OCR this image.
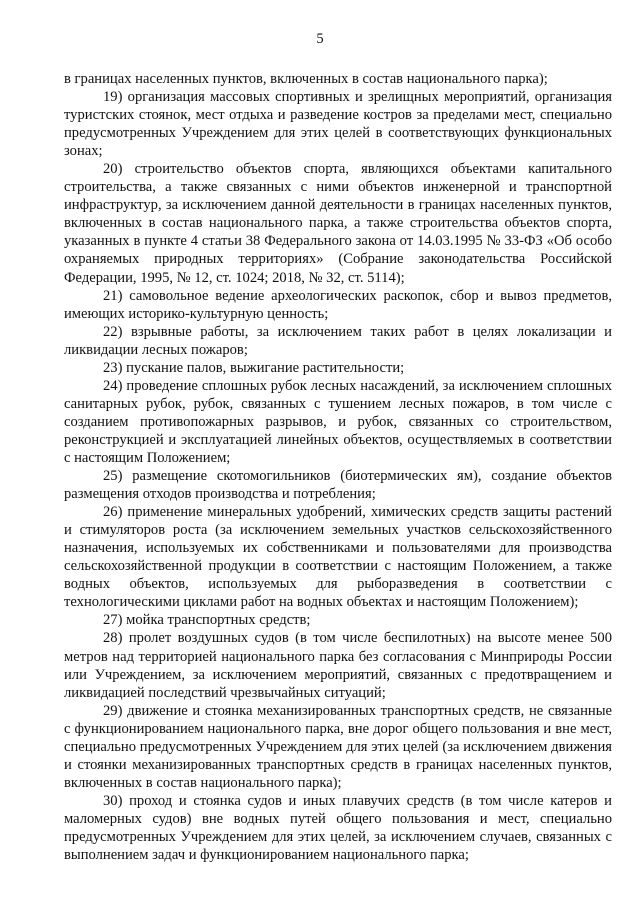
5

в границах населенных пунктов, включенных в состав национального парка);

19) организация массовых спортивных и зрелищных мероприятий, организация туристских стоянок, мест отдыха и разведение костров за пределами мест, специально предусмотренных Учреждением для этих целей в соответствующих функциональных зонах;

20) строительство объектов спорта, являющихся объектами капитального строительства, а также связанных с ними объектов инженерной и транспортной инфраструктур, за исключением данной деятельности в границах населенных пунктов, включенных в состав национального парка, а также строительства объектов спорта, указанных в пункте 4 статьи 38 Федерального закона от 14.03.1995 № 33-ФЗ «Об особо охраняемых природных территориях» (Собрание законодательства Российской Федерации, 1995, № 12, ст. 1024; 2018, № 32, ст. 5114);

21) самовольное ведение археологических раскопок, сбор и вывоз предметов, имеющих историко-культурную ценность;

22) взрывные работы, за исключением таких работ в целях локализации и ликвидации лесных пожаров;

23) пускание палов, выжигание растительности;

24) проведение сплошных рубок лесных насаждений, за исключением сплошных санитарных рубок, рубок, связанных с тушением лесных пожаров, в том числе с созданием противопожарных разрывов, и рубок, связанных со строительством, реконструкцией и эксплуатацией линейных объектов, осуществляемых в соответствии с настоящим Положением;

25) размещение скотомогильников (биотермических ям), создание объектов размещения отходов производства и потребления;

26) применение минеральных удобрений, химических средств защиты растений и стимуляторов роста (за исключением земельных участков сельскохозяйственного назначения, используемых их собственниками и пользователями для производства сельскохозяйственной продукции в соответствии с настоящим Положением, а также водных объектов, используемых для рыборазведения в соответствии с технологическими циклами работ на водных объектах и настоящим Положением);

27) мойка транспортных средств;

28) пролет воздушных судов (в том числе беспилотных) на высоте менее 500 метров над территорией национального парка без согласования с Минприроды России или Учреждением, за исключением мероприятий, связанных с предотвращением и ликвидацией последствий чрезвычайных ситуаций;

29) движение и стоянка механизированных транспортных средств, не связанные с функционированием национального парка, вне дорог общего пользования и вне мест, специально предусмотренных Учреждением для этих целей (за исключением движения и стоянки механизированных транспортных средств в границах населенных пунктов, включенных в состав национального парка);

30) проход и стоянка судов и иных плавучих средств (в том числе катеров и маломерных судов) вне водных путей общего пользования и мест, специально предусмотренных Учреждением для этих целей, за исключением случаев, связанных с выполнением задач и функционированием национального парка;
